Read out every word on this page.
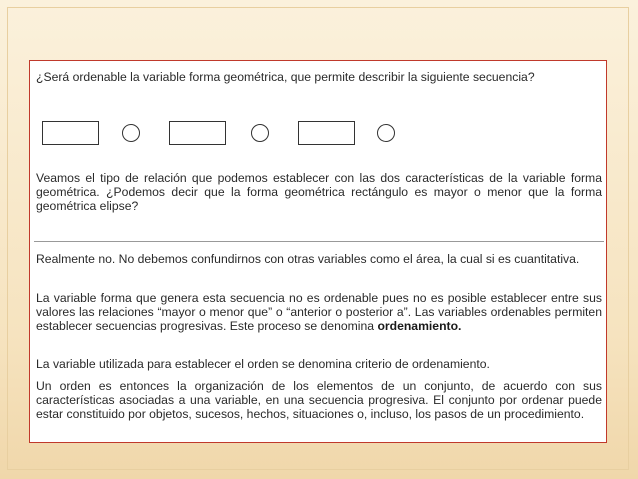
¿Será ordenable la variable forma geométrica, que permite describir la siguiente secuencia?

Veamos el tipo de relación que podemos establecer con las dos características de la variable forma geométrica. ¿Podemos decir que la forma geométrica rectángulo es mayor o menor que la forma geométrica elipse?

Realmente no. No debemos confundirnos con otras variables como el área, la cual si es cuantitativa.

La variable forma que genera esta secuencia no es ordenable pues no es posible establecer entre sus valores las relaciones “mayor o menor que” o “anterior o posterior a”. Las variables ordenables permiten establecer secuencias progresivas. Este proceso se denomina ordenamiento.

La variable utilizada para establecer el orden se denomina criterio de ordenamiento.

Un orden es entonces la organización de los elementos de un conjunto, de acuerdo con sus características asociadas a una variable, en una secuencia progresiva. El conjunto por ordenar puede estar constituido por objetos, sucesos, hechos, situaciones o, incluso, los pasos de un procedimiento.
